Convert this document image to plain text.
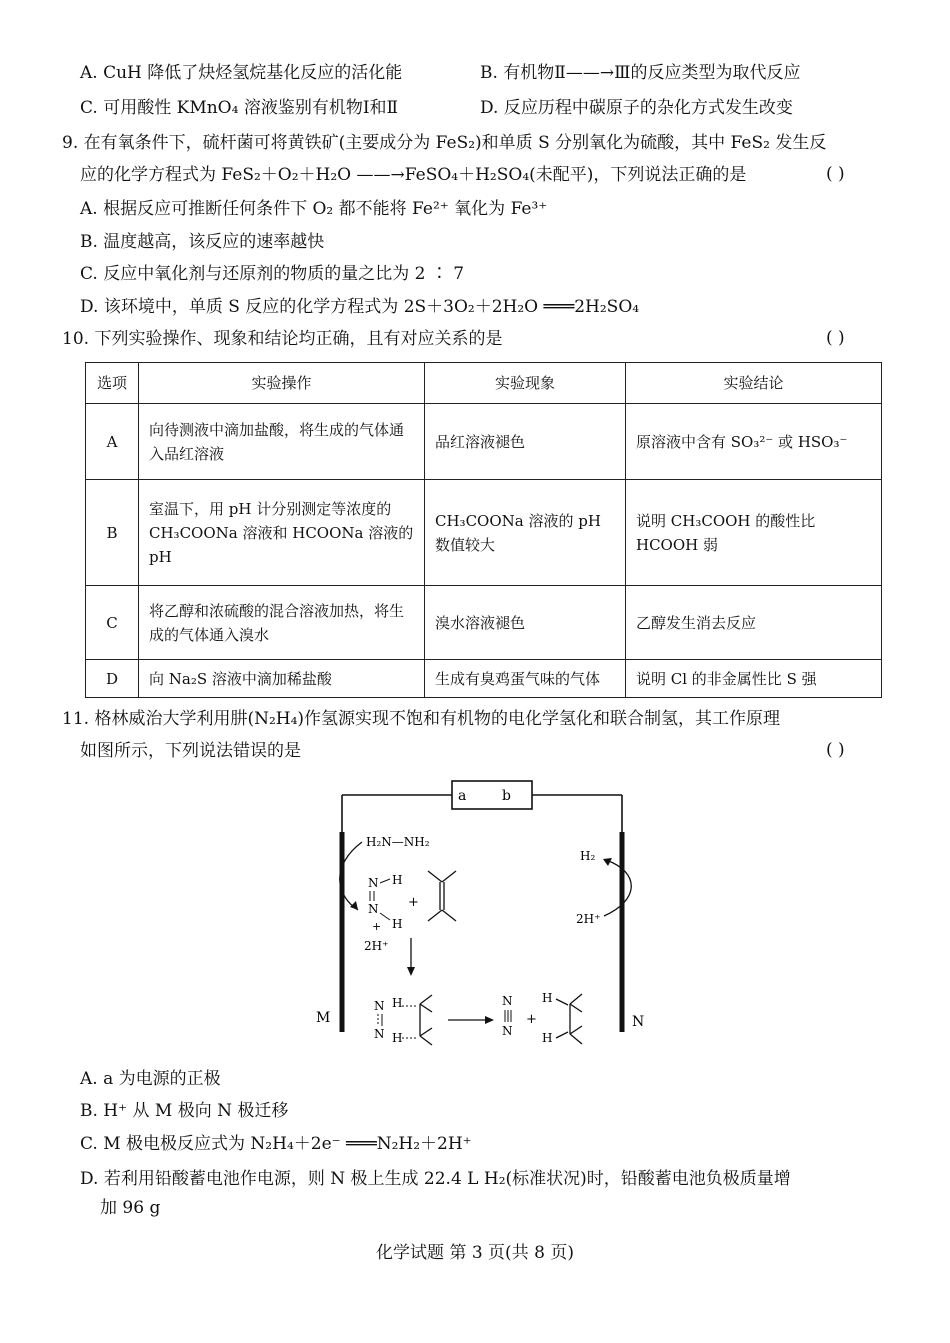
A. CuH 降低了炔烃氢烷基化反应的活化能	B. 有机物Ⅱ——→Ⅲ的反应类型为取代反应
C. 可用酸性 KMnO₄ 溶液鉴别有机物Ⅰ和Ⅱ	D. 反应历程中碳原子的杂化方式发生改变
9. 在有氧条件下，硫杆菌可将黄铁矿(主要成分为 FeS₂)和单质 S 分别氧化为硫酸，其中 FeS₂ 发生反
应的化学方程式为 FeS₂＋O₂＋H₂O ——→FeSO₄＋H₂SO₄(未配平)，下列说法正确的是	( )
A. 根据反应可推断任何条件下 O₂ 都不能将 Fe²⁺ 氧化为 Fe³⁺
B. 温度越高，该反应的速率越快
C. 反应中氧化剂与还原剂的物质的量之比为 2 ∶ 7
D. 该环境中，单质 S 反应的化学方程式为 2S＋3O₂＋2H₂O ═══2H₂SO₄
10. 下列实验操作、现象和结论均正确，且有对应关系的是	( )
选项	实验操作	实验现象	实验结论
A	向待测液中滴加盐酸，将生成的气体通入品红溶液	品红溶液褪色	原溶液中含有 SO₃²⁻ 或 HSO₃⁻
B	室温下，用 pH 计分别测定等浓度的 CH₃COONa 溶液和 HCOONa 溶液的 pH	CH₃COONa 溶液的 pH 数值较大	说明 CH₃COOH 的酸性比 HCOOH 弱
C	将乙醇和浓硫酸的混合溶液加热，将生成的气体通入溴水	溴水溶液褪色	乙醇发生消去反应
D	向 Na₂S 溶液中滴加稀盐酸	生成有臭鸡蛋气味的气体	说明 Cl 的非金属性比 S 强
11. 格林威治大学利用肼(N₂H₄)作氢源实现不饱和有机物的电化学氢化和联合制氢，其工作原理
如图所示，下列说法错误的是	( )
a	b
M	N
H₂N—NH₂
N H
N
H
+
2H⁺
+
N H
N H
N
N
+
H
H
H₂
2H⁺
A. a 为电源的正极
B. H⁺ 从 M 极向 N 极迁移
C. M 极电极反应式为 N₂H₄＋2e⁻ ═══N₂H₂＋2H⁺
D. 若利用铅酸蓄电池作电源，则 N 极上生成 22.4 L H₂(标准状况)时，铅酸蓄电池负极质量增
加 96 g
化学试题 第 3 页(共 8 页)
